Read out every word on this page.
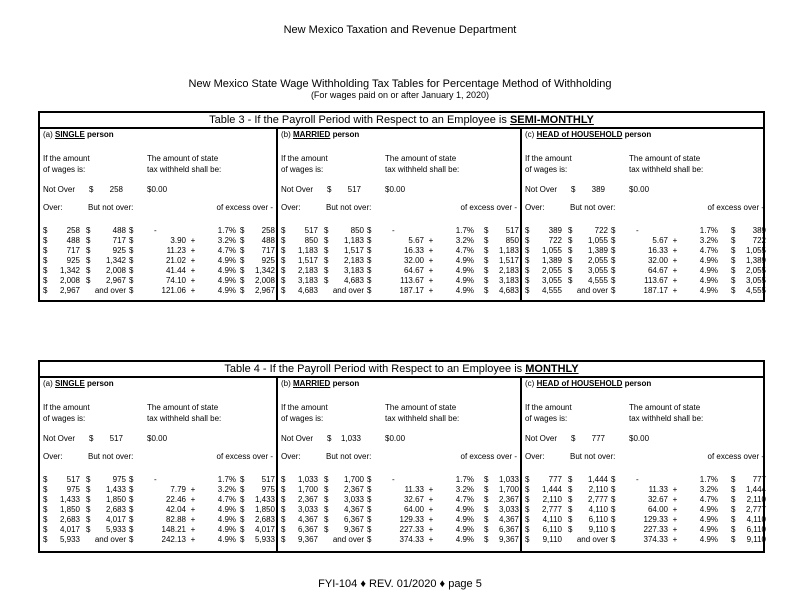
New Mexico Taxation and Revenue Department
New Mexico State Wage Withholding Tax Tables for Percentage Method of Withholding
(For wages paid on or after January 1, 2020)
Table 3 - If the Payroll Period with Respect to an Employee is SEMI-MONTHLY
(a) SINGLE person
If the amount
of wages is:
The amount of state
tax withheld shall be:
Not Over $	258	$0.00
Over:	But not over:	of excess over -
$	258 $	488 $	-	1.7% $	258
$	488 $	717 $	3.90 +	3.2% $	488
$	717 $	925 $	11.23 +	4.7% $	717
$	925 $	1,342 $	21.02 +	4.9% $	925
$	1,342 $	2,008 $	41.44 +	4.9% $	1,342
$	2,008 $	2,967 $	74.10 +	4.9% $	2,008
$	2,967	and over $	121.06 +	4.9% $	2,967
(b) MARRIED person
If the amount
of wages is:
The amount of state
tax withheld shall be:
Not Over $	517	$0.00
Over:	But not over:	of excess over -
$	517 $	850 $	-	1.7% $	517
$	850 $	1,183 $	5.67 +	3.2% $	850
$	1,183 $	1,517 $	16.33 +	4.7% $	1,183
$	1,517 $	2,183 $	32.00 +	4.9% $	1,517
$	2,183 $	3,183 $	64.67 +	4.9% $	2,183
$	3,183 $	4,683 $	113.67 +	4.9% $	3,183
$	4,683	and over $	187.17 +	4.9% $	4,683
(c) HEAD of HOUSEHOLD person
If the amount
of wages is:
The amount of state
tax withheld shall be:
Not Over $	389	$0.00
Over:	But not over:	of excess over -
$	389 $	722 $	-	1.7% $	389
$	722 $	1,055 $	5.67 +	3.2% $	722
$	1,055 $	1,389 $	16.33 +	4.7% $	1,055
$	1,389 $	2,055 $	32.00 +	4.9% $	1,389
$	2,055 $	3,055 $	64.67 +	4.9% $	2,055
$	3,055 $	4,555 $	113.67 +	4.9% $	3,055
$	4,555	and over $	187.17 +	4.9% $	4,555
Table 4 - If the Payroll Period with Respect to an Employee is MONTHLY
(a) SINGLE person
If the amount
of wages is:
The amount of state
tax withheld shall be:
Not Over $	517	$0.00
Over:	But not over:	of excess over -
$	517 $	975 $	-	1.7% $	517
$	975 $	1,433 $	7.79 +	3.2% $	975
$	1,433 $	1,850 $	22.46 +	4.7% $	1,433
$	1,850 $	2,683 $	42.04 +	4.9% $	1,850
$	2,683 $	4,017 $	82.88 +	4.9% $	2,683
$	4,017 $	5,933 $	148.21 +	4.9% $	4,017
$	5,933	and over $	242.13 +	4.9% $	5,933
(b) MARRIED person
If the amount
of wages is:
The amount of state
tax withheld shall be:
Not Over $	1,033	$0.00
Over:	But not over:	of excess over -
$	1,033 $	1,700 $	-	1.7% $	1,033
$	1,700 $	2,367 $	11.33 +	3.2% $	1,700
$	2,367 $	3,033 $	32.67 +	4.7% $	2,367
$	3,033 $	4,367 $	64.00 +	4.9% $	3,033
$	4,367 $	6,367 $	129.33 +	4.9% $	4,367
$	6,367 $	9,367 $	227.33 +	4.9% $	6,367
$	9,367	and over $	374.33 +	4.9% $	9,367
(c) HEAD of HOUSEHOLD person
If the amount
of wages is:
The amount of state
tax withheld shall be:
Not Over $	777	$0.00
Over:	But not over:	of excess over -
$	777 $	1,444 $	-	1.7% $	777
$	1,444 $	2,110 $	11.33 +	3.2% $	1,444
$	2,110 $	2,777 $	32.67 +	4.7% $	2,110
$	2,777 $	4,110 $	64.00 +	4.9% $	2,777
$	4,110 $	6,110 $	129.33 +	4.9% $	4,110
$	6,110 $	9,110 $	227.33 +	4.9% $	6,110
$	9,110	and over $	374.33 +	4.9% $	9,110
FYI-104 ♦ REV. 01/2020 ♦ page 5
